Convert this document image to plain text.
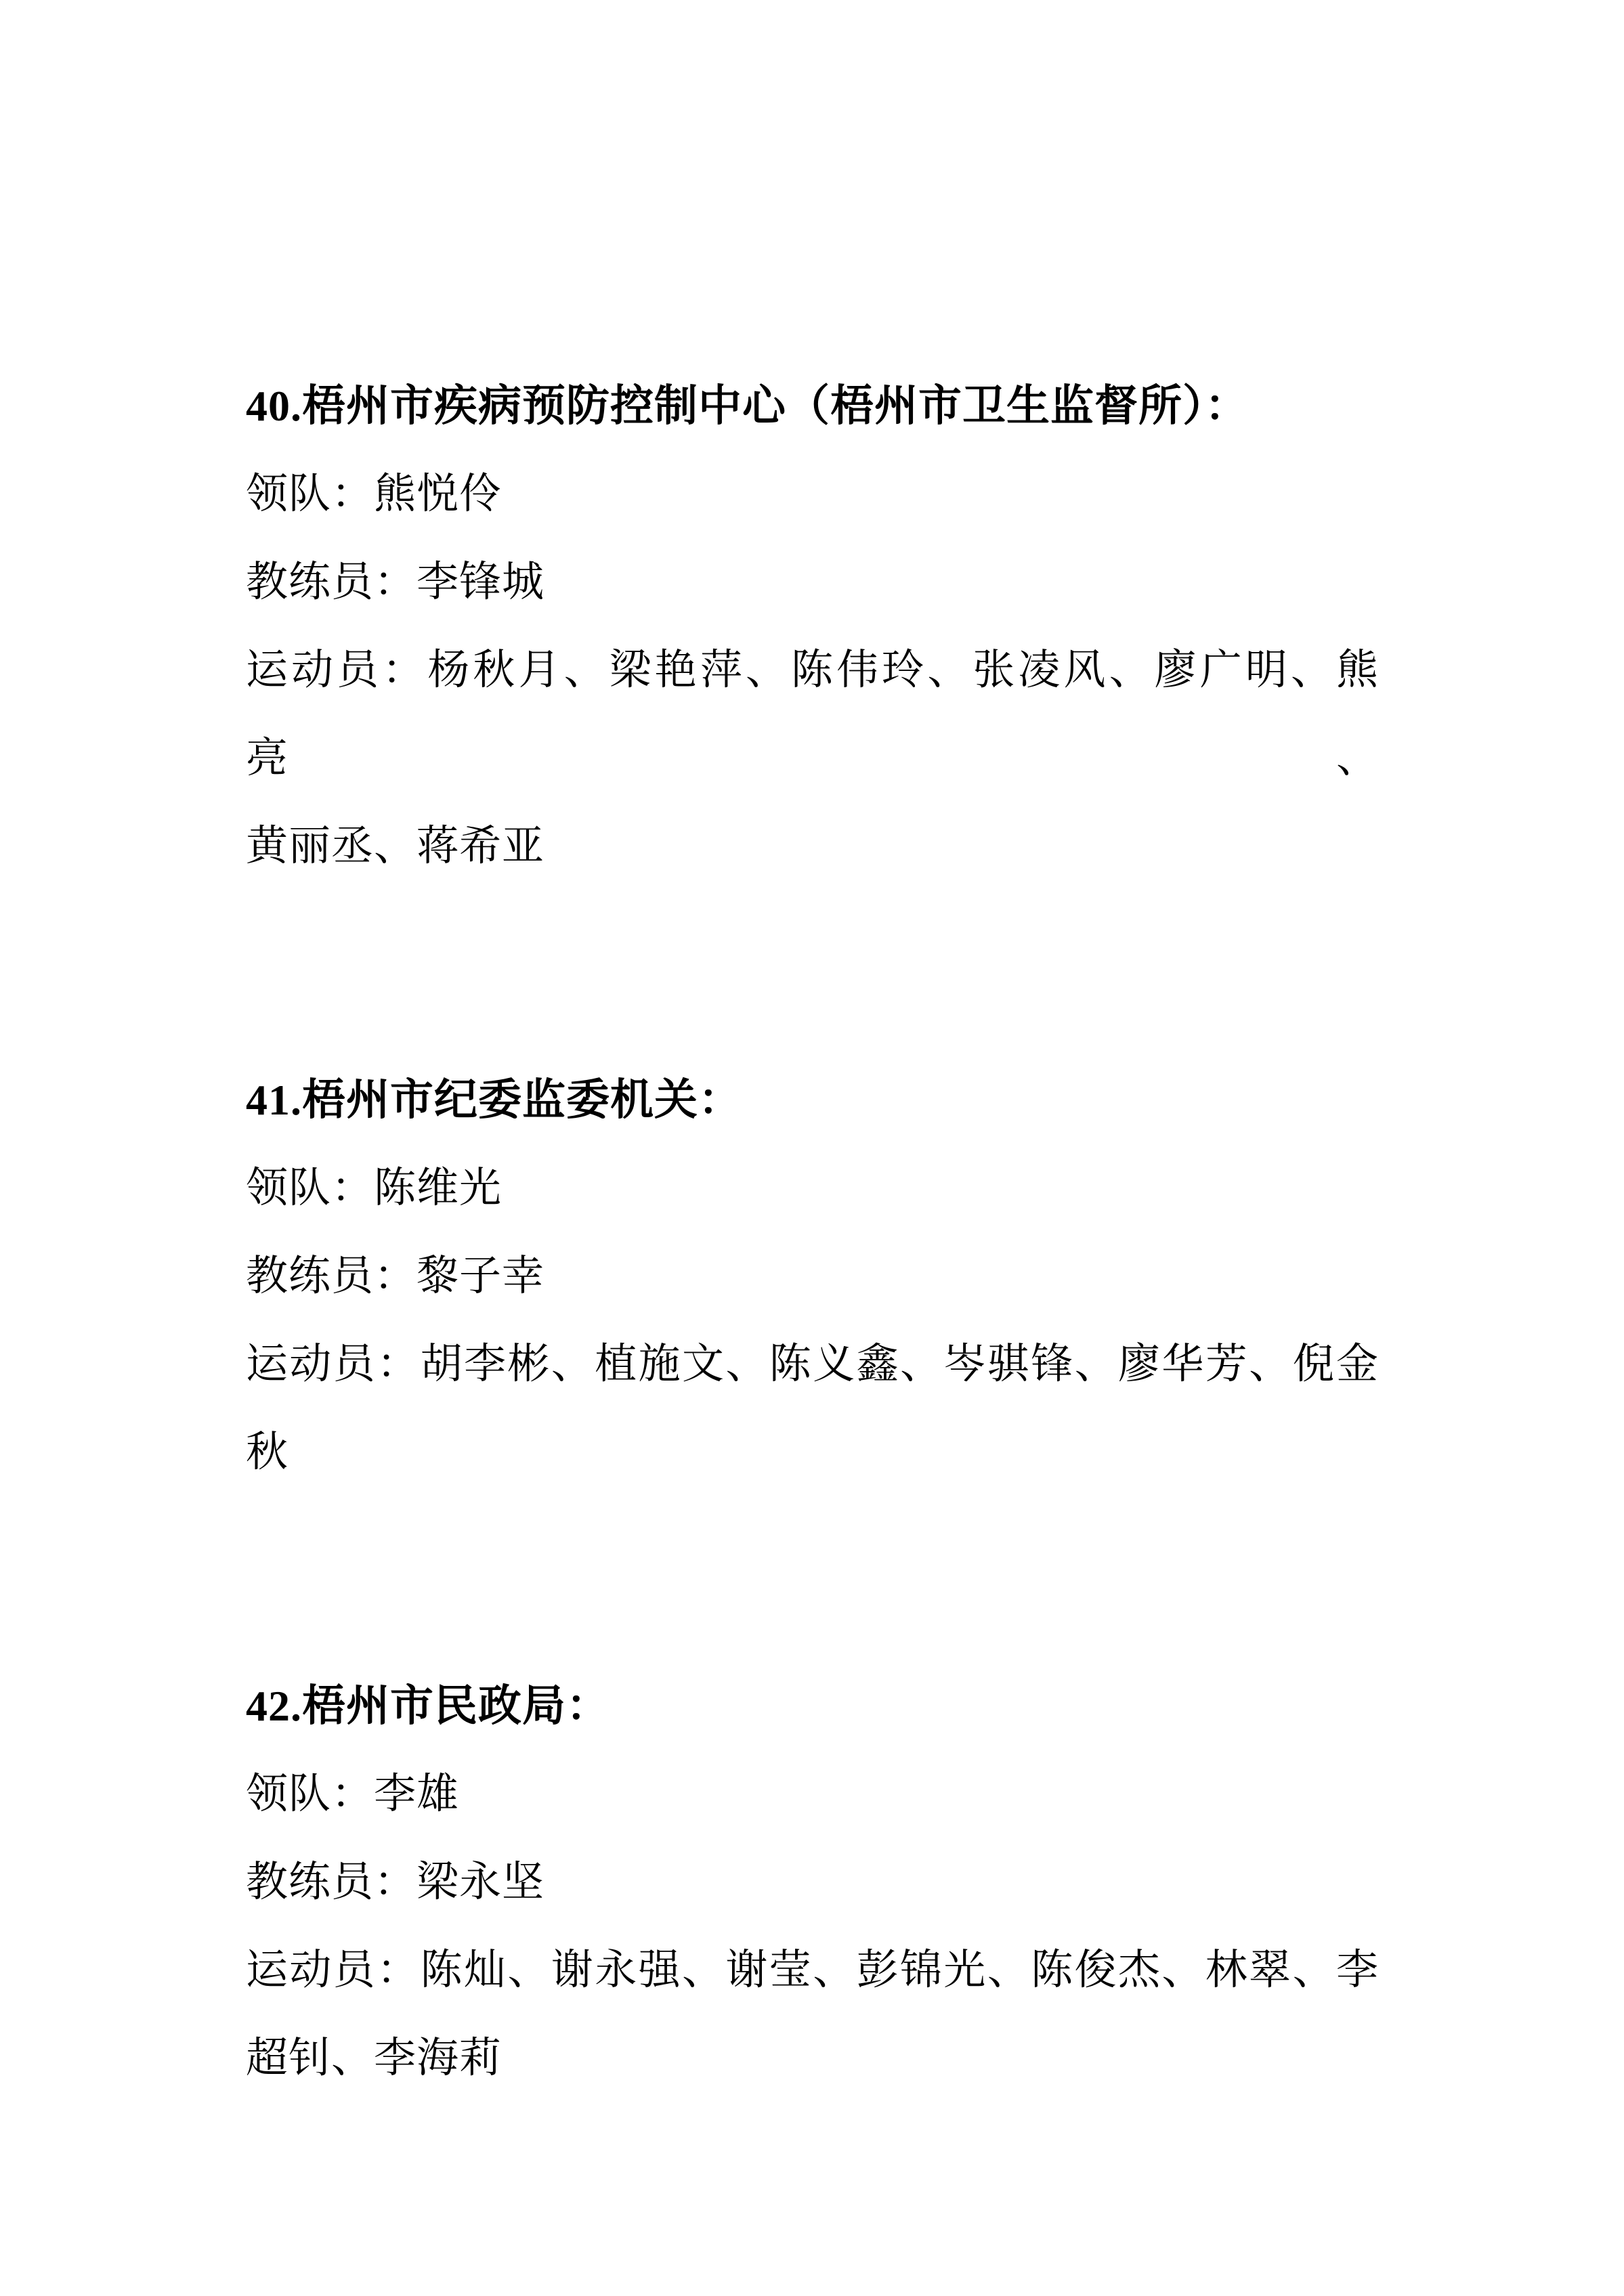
40.梧州市疾病预防控制中心（梧州市卫生监督所）：
领队：熊悦伶
教练员：李锋城
运动员：杨秋月、梁艳萍、陈伟玲、张凌风、廖广明、熊　亮、
黄丽丞、蒋希亚
41.梧州市纪委监委机关：
领队：陈维光
教练员：黎子幸
运动员：胡李彬、植施文、陈义鑫、岑骐锋、廖华芳、倪金
秋
42.梧州市民政局：
领队：李雄
教练员：梁永坚
运动员：陈灿、谢永强、谢莹、彭锦光、陈俊杰、林翠、李
超钊、李海莉
